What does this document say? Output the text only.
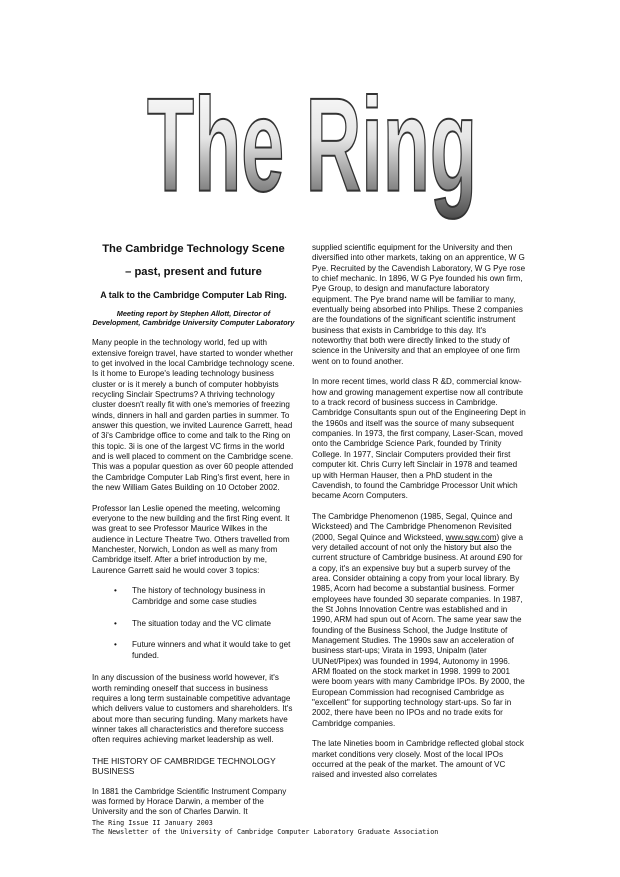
The Ring

The Cambridge Technology Scene

– past, present and future

A talk to the Cambridge Computer Lab Ring.

Meeting report by Stephen Allott, Director of Development, Cambridge University Computer Laboratory

Many people in the technology world, fed up with extensive foreign travel, have started to wonder whether to get involved in the local Cambridge technology scene. Is it home to Europe's leading technology business cluster or is it merely a bunch of computer hobbyists recycling Sinclair Spectrums? A thriving technology cluster doesn't really fit with one's memories of freezing winds, dinners in hall and garden parties in summer. To answer this question, we invited Laurence Garrett, head of 3i's Cambridge office to come and talk to the Ring on this topic. 3i is one of the largest VC firms in the world and is well placed to comment on the Cambridge scene. This was a popular question as over 60 people attended the Cambridge Computer Lab Ring's first event, here in the new William Gates Building on 10 October 2002.

Professor Ian Leslie opened the meeting, welcoming everyone to the new building and the first Ring event. It was great to see Professor Maurice Wilkes in the audience in Lecture Theatre Two. Others travelled from Manchester, Norwich, London as well as many from Cambridge itself. After a brief introduction by me, Laurence Garrett said he would cover 3 topics:

• The history of technology business in Cambridge and some case studies
• The situation today and the VC climate
• Future winners and what it would take to get funded.

In any discussion of the business world however, it's worth reminding oneself that success in business requires a long term sustainable competitive advantage which delivers value to customers and shareholders. It's about more than securing funding. Many markets have winner takes all characteristics and therefore success often requires achieving market leadership as well.

THE HISTORY OF CAMBRIDGE TECHNOLOGY BUSINESS

In 1881 the Cambridge Scientific Instrument Company was formed by Horace Darwin, a member of the University and the son of Charles Darwin. It

supplied scientific equipment for the University and then diversified into other markets, taking on an apprentice, W G Pye. Recruited by the Cavendish Laboratory, W G Pye rose to chief mechanic. In 1896, W G Pye founded his own firm, Pye Group, to design and manufacture laboratory equipment. The Pye brand name will be familiar to many, eventually being absorbed into Philips. These 2 companies are the foundations of the significant scientific instrument business that exists in Cambridge to this day. It's noteworthy that both were directly linked to the study of science in the University and that an employee of one firm went on to found another.

In more recent times, world class R &D, commercial know-how and growing management expertise now all contribute to a track record of business success in Cambridge. Cambridge Consultants spun out of the Engineering Dept in the 1960s and itself was the source of many subsequent companies. In 1973, the first company, Laser-Scan, moved onto the Cambridge Science Park, founded by Trinity College. In 1977, Sinclair Computers provided their first computer kit. Chris Curry left Sinclair in 1978 and teamed up with Herman Hauser, then a PhD student in the Cavendish, to found the Cambridge Processor Unit which became Acorn Computers.

The Cambridge Phenomenon (1985, Segal, Quince and Wicksteed) and The Cambridge Phenomenon Revisited (2000, Segal Quince and Wicksteed, www.sqw.com) give a very detailed account of not only the history but also the current structure of Cambridge business. At around £90 for a copy, it's an expensive buy but a superb survey of the area. Consider obtaining a copy from your local library. By 1985, Acorn had become a substantial business. Former employees have founded 30 separate companies. In 1987, the St Johns Innovation Centre was established and in 1990, ARM had spun out of Acorn. The same year saw the founding of the Business School, the Judge Institute of Management Studies. The 1990s saw an acceleration of business start-ups; Virata in 1993, Unipalm (later UUNet/Pipex) was founded in 1994, Autonomy in 1996. ARM floated on the stock market in 1998. 1999 to 2001 were boom years with many Cambridge IPOs. By 2000, the European Commission had recognised Cambridge as "excellent" for supporting technology start-ups. So far in 2002, there have been no IPOs and no trade exits for Cambridge companies.

The late Nineties boom in Cambridge reflected global stock market conditions very closely. Most of the local IPOs occurred at the peak of the market. The amount of VC raised and invested also correlates

The Ring Issue II January 2003
The Newsletter of the University of Cambridge Computer Laboratory Graduate Association
